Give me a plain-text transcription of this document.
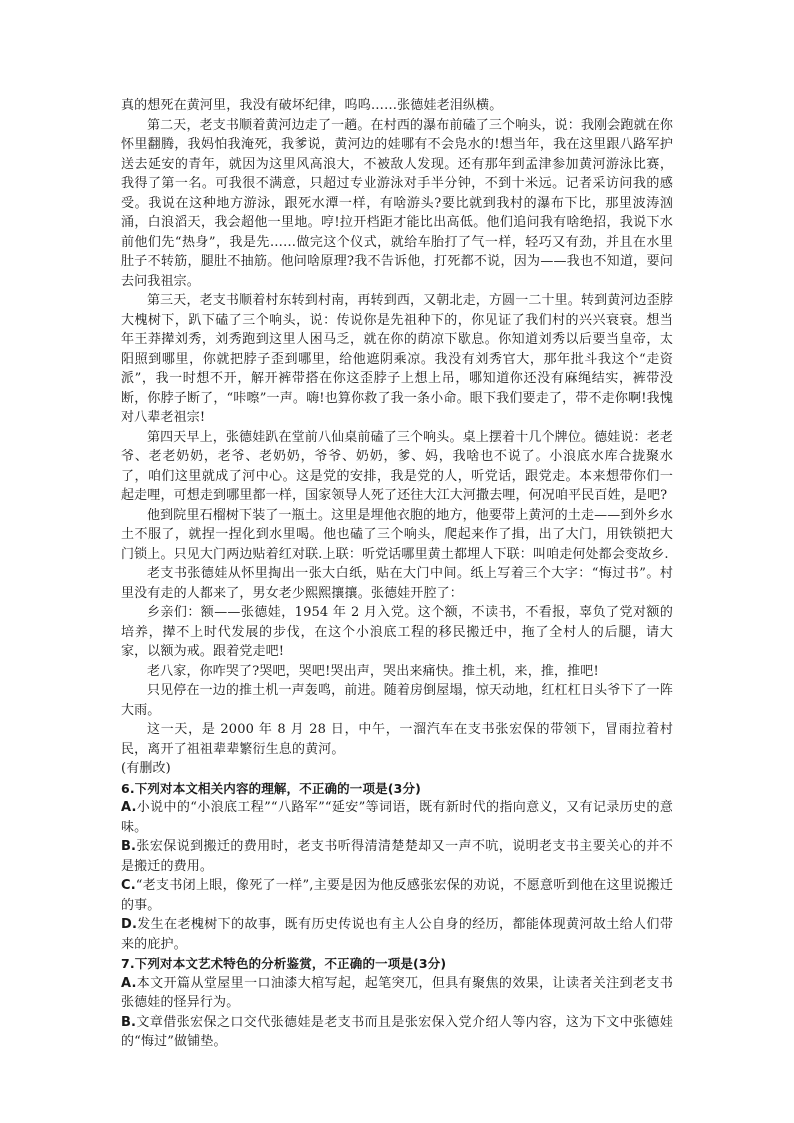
真的想死在黄河里，我没有破坏纪律，呜呜……张德娃老泪纵横。

第二天，老支书顺着黄河边走了一趟。在村西的瀑布前磕了三个响头，说：我刚会跑就在你怀里翻腾，我妈怕我淹死，我爹说，黄河边的娃哪有不会凫水的!想当年，我在这里跟八路军护送去延安的青年，就因为这里风高浪大，不被敌人发现。还有那年到孟津参加黄河游泳比赛，我得了第一名。可我很不满意，只超过专业游泳对手半分钟，不到十米远。记者采访问我的感受。我说在这种地方游泳，跟死水潭一样，有啥游头?要比就到我村的瀑布下比，那里波涛汹涌，白浪滔天，我会超他一里地。哼!拉开档距才能比出高低。他们追问我有啥绝招，我说下水前他们先“热身”，我是先……做完这个仪式，就给车胎打了气一样，轻巧又有劲，并且在水里肚子不转筋，腿肚不抽筋。他问啥原理?我不告诉他，打死都不说，因为——我也不知道，要问去问我祖宗。

第三天，老支书顺着村东转到村南，再转到西，又朝北走，方圆一二十里。转到黄河边歪脖大槐树下，趴下磕了三个响头，说：传说你是先祖种下的，你见证了我们村的兴兴衰衰。想当年王莽撵刘秀，刘秀跑到这里人困马乏，就在你的荫凉下歇息。你知道刘秀以后要当皇帝，太阳照到哪里，你就把脖子歪到哪里，给他遮阴乘凉。我没有刘秀官大，那年批斗我这个“走资派”，我一时想不开，解开裤带搭在你这歪脖子上想上吊，哪知道你还没有麻绳结实，裤带没断，你脖子断了，“咔嚓”一声。嗨!也算你救了我一条小命。眼下我们要走了，带不走你啊!我愧对八辈老祖宗!

第四天早上，张德娃趴在堂前八仙桌前磕了三个响头。桌上摆着十几个牌位。德娃说：老老爷、老老奶奶，老爷、老奶奶，爷爷、奶奶，爹、妈，我啥也不说了。小浪底水库合拢聚水了，咱们这里就成了河中心。这是党的安排，我是党的人，听党话，跟党走。本来想带你们一起走哩，可想走到哪里都一样，国家领导人死了还往大江大河撒去哩，何况咱平民百姓，是吧?

他到院里石榴树下装了一瓶土。这里是埋他衣胞的地方，他要带上黄河的土走——到外乡水土不服了，就捏一捏化到水里喝。他也磕了三个响头，爬起来作了揖，出了大门，用铁锁把大门锁上。只见大门两边贴着红对联.上联：听党话哪里黄土都埋人下联：叫咱走何处都会变故乡.

老支书张德娃从怀里掏出一张大白纸，贴在大门中间。纸上写着三个大字：“悔过书”。村里没有走的人都来了，男女老少熙熙攘攘。张德娃开腔了：

乡亲们：额——张德娃，1954 年 2 月入党。这个额，不读书，不看报，辜负了党对额的培养，撵不上时代发展的步伐，在这个小浪底工程的移民搬迁中，拖了全村人的后腿，请大家，以额为戒。跟着党走吧!

老八家，你咋哭了?哭吧，哭吧!哭出声，哭出来痛快。推土机，来，推，推吧!

只见停在一边的推土机一声轰鸣，前进。随着房倒屋塌，惊天动地，红杠杠日头爷下了一阵大雨。

这一天，是 2000 年 8 月 28 日，中午，一溜汽车在支书张宏保的带领下，冒雨拉着村民，离开了祖祖辈辈繁衍生息的黄河。

(有删改)

6.下列对本文相关内容的理解，不正确的一项是(3分)

A.小说中的“小浪底工程”“八路军”“延安”等词语，既有新时代的指向意义，又有记录历史的意味。

B.张宏保说到搬迁的费用时，老支书听得清清楚楚却又一声不吭，说明老支书主要关心的并不是搬迁的费用。

C.“老支书闭上眼，像死了一样”,主要是因为他反感张宏保的劝说，不愿意听到他在这里说搬迁的事。

D.发生在老槐树下的故事，既有历史传说也有主人公自身的经历，都能体现黄河故土给人们带来的庇护。

7.下列对本文艺术特色的分析鉴赏，不正确的一项是(3分)

A.本文开篇从堂屋里一口油漆大棺写起，起笔突兀，但具有聚焦的效果，让读者关注到老支书张德娃的怪异行为。

B.文章借张宏保之口交代张德娃是老支书而且是张宏保入党介绍人等内容，这为下文中张德娃的“悔过”做铺垫。
